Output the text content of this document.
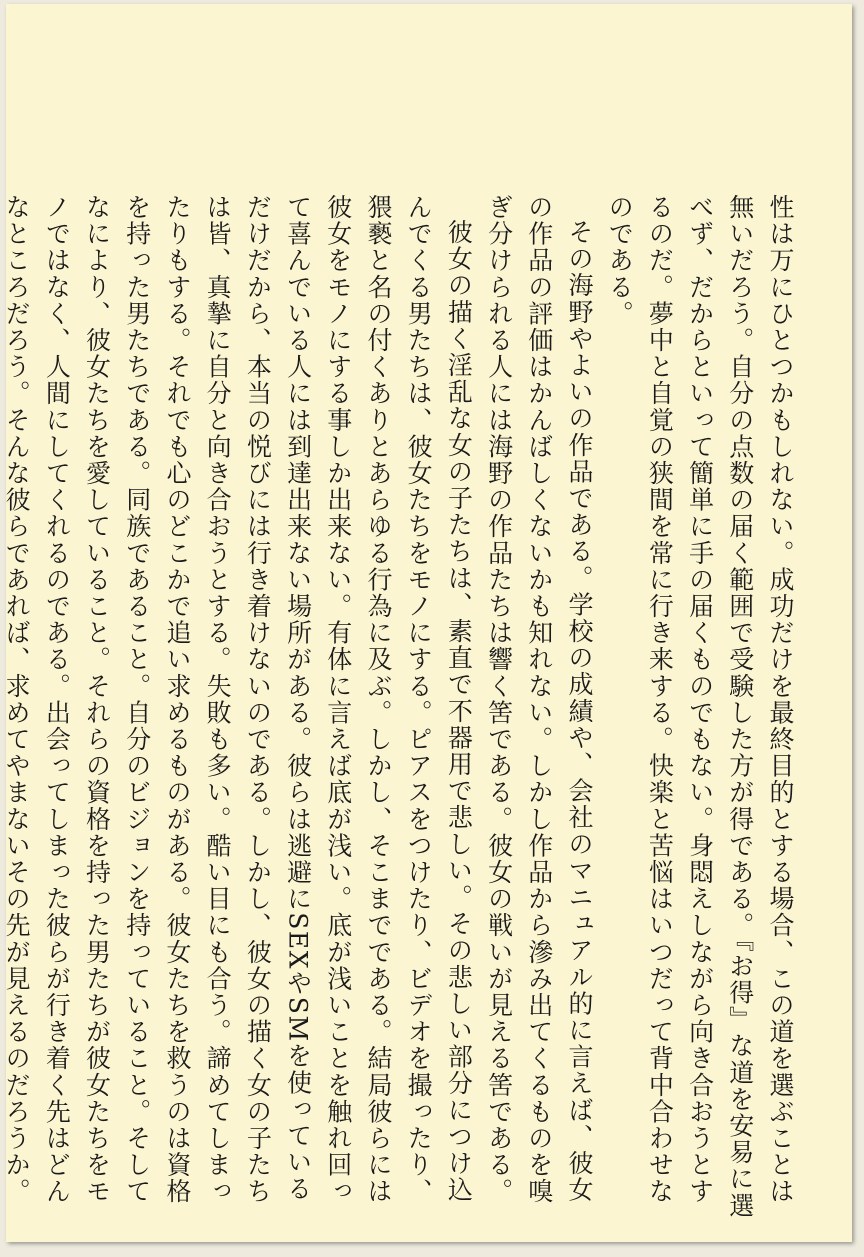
性は万にひとつかもしれない。成功だけを最終目的とする場合、この道を選ぶことは無いだろう。自分の点数の届く範囲で受験した方が得である。『お得』な道を安易に選べず、だからといって簡単に手の届くものでもない。身悶えしながら向き合おうとするのだ。夢中と自覚の狭間を常に行き来する。快楽と苦悩はいつだって背中合わせなのである。

その海野やよいの作品である。学校の成績や、会社のマニュアル的に言えば、彼女の作品の評価はかんばしくないかも知れない。しかし作品から滲み出てくるものを嗅ぎ分けられる人には海野の作品たちは響く筈である。彼女の戦いが見える筈である。

彼女の描く淫乱な女の子たちは、素直で不器用で悲しい。その悲しい部分につけ込んでくる男たちは、彼女たちをモノにする。ピアスをつけたり、ビデオを撮ったり、猥褻と名の付くありとあらゆる行為に及ぶ。しかし、そこまでである。結局彼らには彼女をモノにする事しか出来ない。有体に言えば底が浅い。底が浅いことを触れ回って喜んでいる人には到達出来ない場所がある。彼らは逃避にSEXやSMを使っているだけだから、本当の悦びには行き着けないのである。しかし、彼女の描く女の子たちは皆、真摯に自分と向き合おうとする。失敗も多い。酷い目にも合う。諦めてしまったりもする。それでも心のどこかで追い求めるものがある。彼女たちを救うのは資格を持った男たちである。同族であること。自分のビジョンを持っていること。そしてなにより、彼女たちを愛していること。それらの資格を持った男たちが彼女たちをモノではなく、人間にしてくれるのである。出会ってしまった彼らが行き着く先はどんなところだろう。そんな彼らであれば、求めてやまないその先が見えるのだろうか。
